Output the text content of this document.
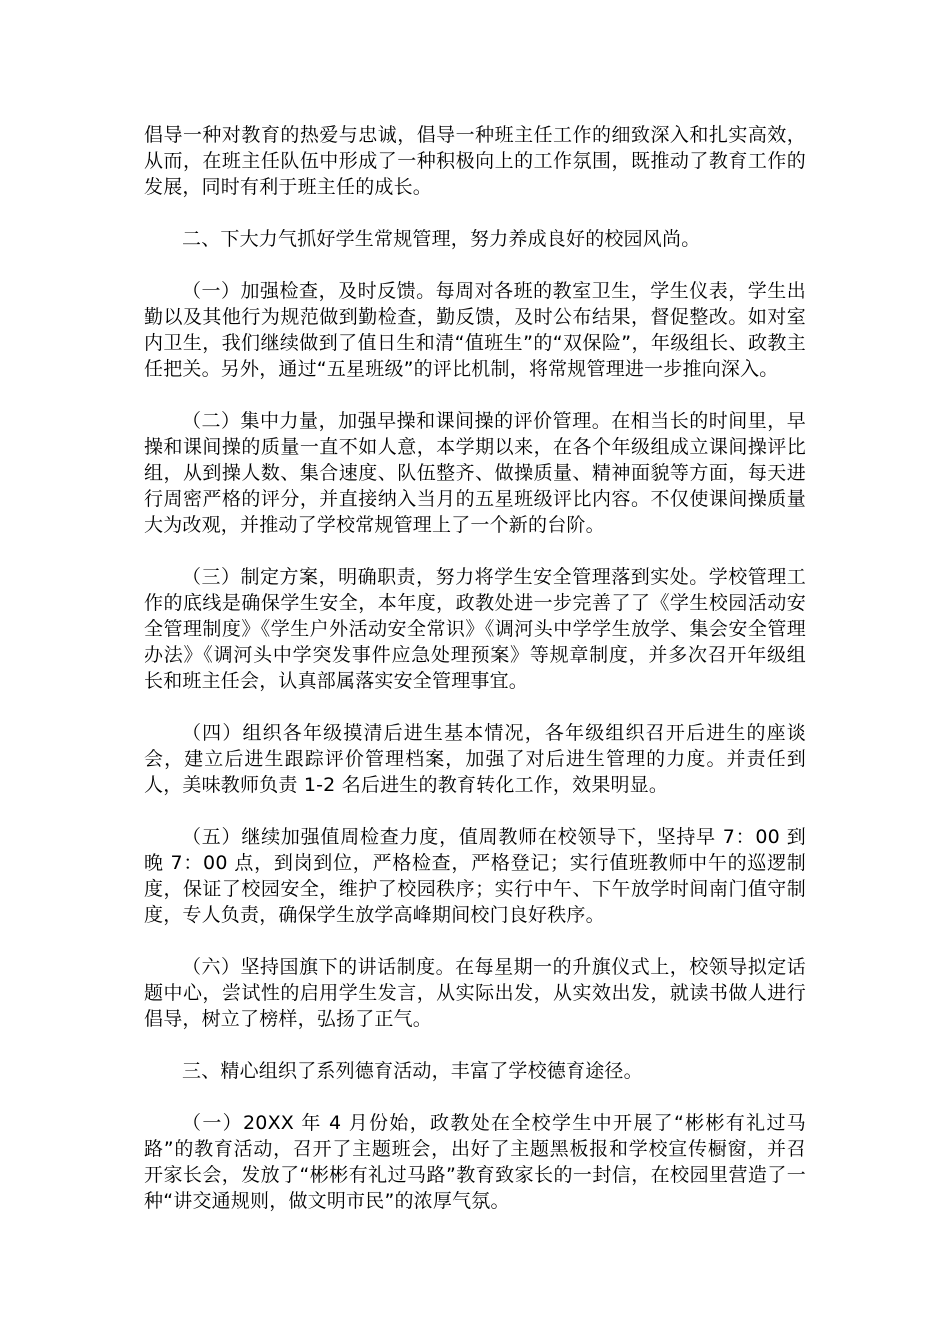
倡导一种对教育的热爱与忠诚，倡导一种班主任工作的细致深入和扎实高效，从而，在班主任队伍中形成了一种积极向上的工作氛围，既推动了教育工作的发展，同时有利于班主任的成长。

二、下大力气抓好学生常规管理，努力养成良好的校园风尚。

（一）加强检查，及时反馈。每周对各班的教室卫生，学生仪表，学生出勤以及其他行为规范做到勤检查，勤反馈，及时公布结果，督促整改。如对室内卫生，我们继续做到了值日生和清“值班生”的“双保险”，年级组长、政教主任把关。另外，通过“五星班级”的评比机制，将常规管理进一步推向深入。

（二）集中力量，加强早操和课间操的评价管理。在相当长的时间里，早操和课间操的质量一直不如人意，本学期以来，在各个年级组成立课间操评比组，从到操人数、集合速度、队伍整齐、做操质量、精神面貌等方面，每天进行周密严格的评分，并直接纳入当月的五星班级评比内容。不仅使课间操质量大为改观，并推动了学校常规管理上了一个新的台阶。

（三）制定方案，明确职责，努力将学生安全管理落到实处。学校管理工作的底线是确保学生安全，本年度，政教处进一步完善了了《学生校园活动安全管理制度》《学生户外活动安全常识》《调河头中学学生放学、集会安全管理办法》《调河头中学突发事件应急处理预案》等规章制度，并多次召开年级组长和班主任会，认真部属落实安全管理事宜。

（四）组织各年级摸清后进生基本情况，各年级组织召开后进生的座谈会，建立后进生跟踪评价管理档案，加强了对后进生管理的力度。并责任到人，美味教师负责 1-2 名后进生的教育转化工作，效果明显。

（五）继续加强值周检查力度，值周教师在校领导下，坚持早 7：00 到晚 7：00 点，到岗到位，严格检查，严格登记；实行值班教师中午的巡逻制度，保证了校园安全，维护了校园秩序；实行中午、下午放学时间南门值守制度，专人负责，确保学生放学高峰期间校门良好秩序。

（六）坚持国旗下的讲话制度。在每星期一的升旗仪式上，校领导拟定话题中心，尝试性的启用学生发言，从实际出发，从实效出发，就读书做人进行倡导，树立了榜样，弘扬了正气。

三、精心组织了系列德育活动，丰富了学校德育途径。

（一）20XX 年 4 月份始，政教处在全校学生中开展了“彬彬有礼过马路”的教育活动，召开了主题班会，出好了主题黑板报和学校宣传橱窗，并召开家长会，发放了“彬彬有礼过马路”教育致家长的一封信，在校园里营造了一种“讲交通规则，做文明市民”的浓厚气氛。
